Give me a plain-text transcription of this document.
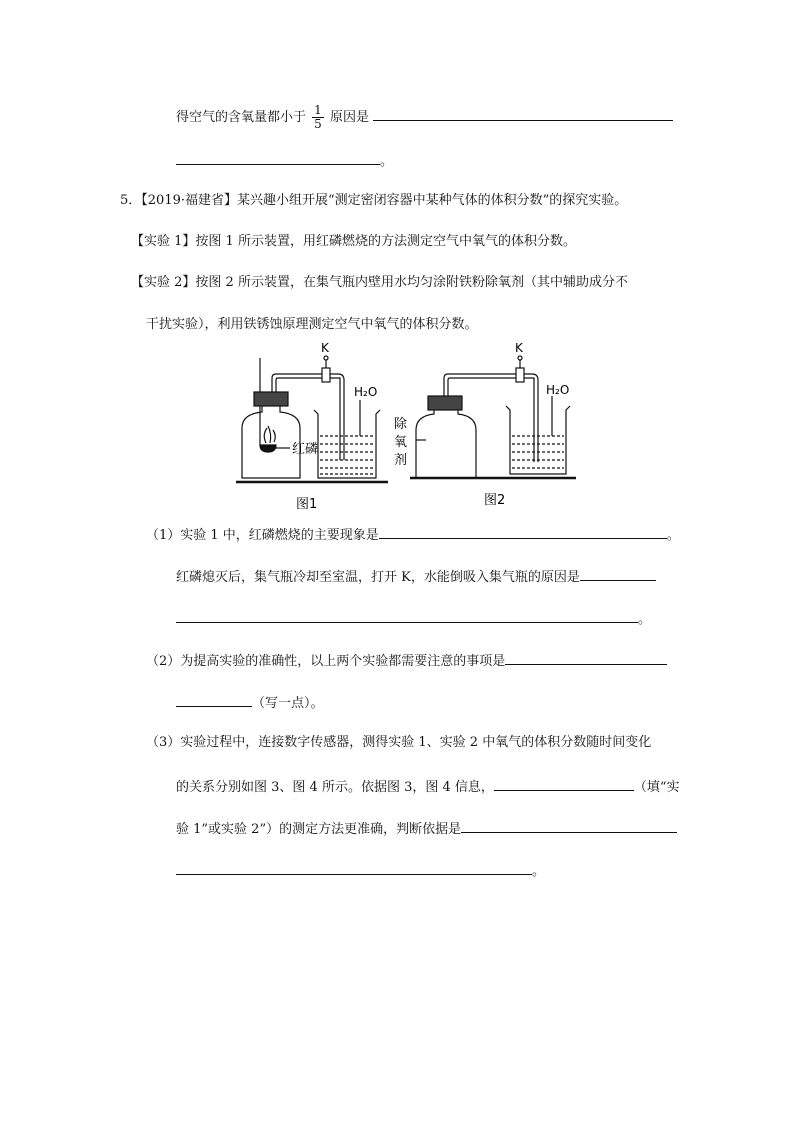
得空气的含氧量都小于 $\frac{1}{5}$ 原因是
。
5．【2019·福建省】某兴趣小组开展“测定密闭容器中某种气体的体积分数”的探究实验。
【实验 1】按图 1 所示装置，用红磷燃烧的方法测定空气中氧气的体积分数。
【实验 2】按图 2 所示装置，在集气瓶内壁用水均匀涂附铁粉除氧剂（其中辅助成分不
干扰实验），利用铁锈蚀原理测定空气中氧气的体积分数。
K
H₂O
红磷
图1
K
H₂O
除
氧
剂
图2
（1）实验 1 中，红磷燃烧的主要现象是	。
红磷熄灭后，集气瓶冷却至室温，打开 K，水能倒吸入集气瓶的原因是
。
（2）为提高实验的准确性，以上两个实验都需要注意的事项是
（写一点）。
（3）实验过程中，连接数字传感器，测得实验 1、实验 2 中氧气的体积分数随时间变化
的关系分别如图 3、图 4 所示。依据图 3，图 4 信息，	（填“实
验 1”或实验 2”）的测定方法更准确，判断依据是
。
